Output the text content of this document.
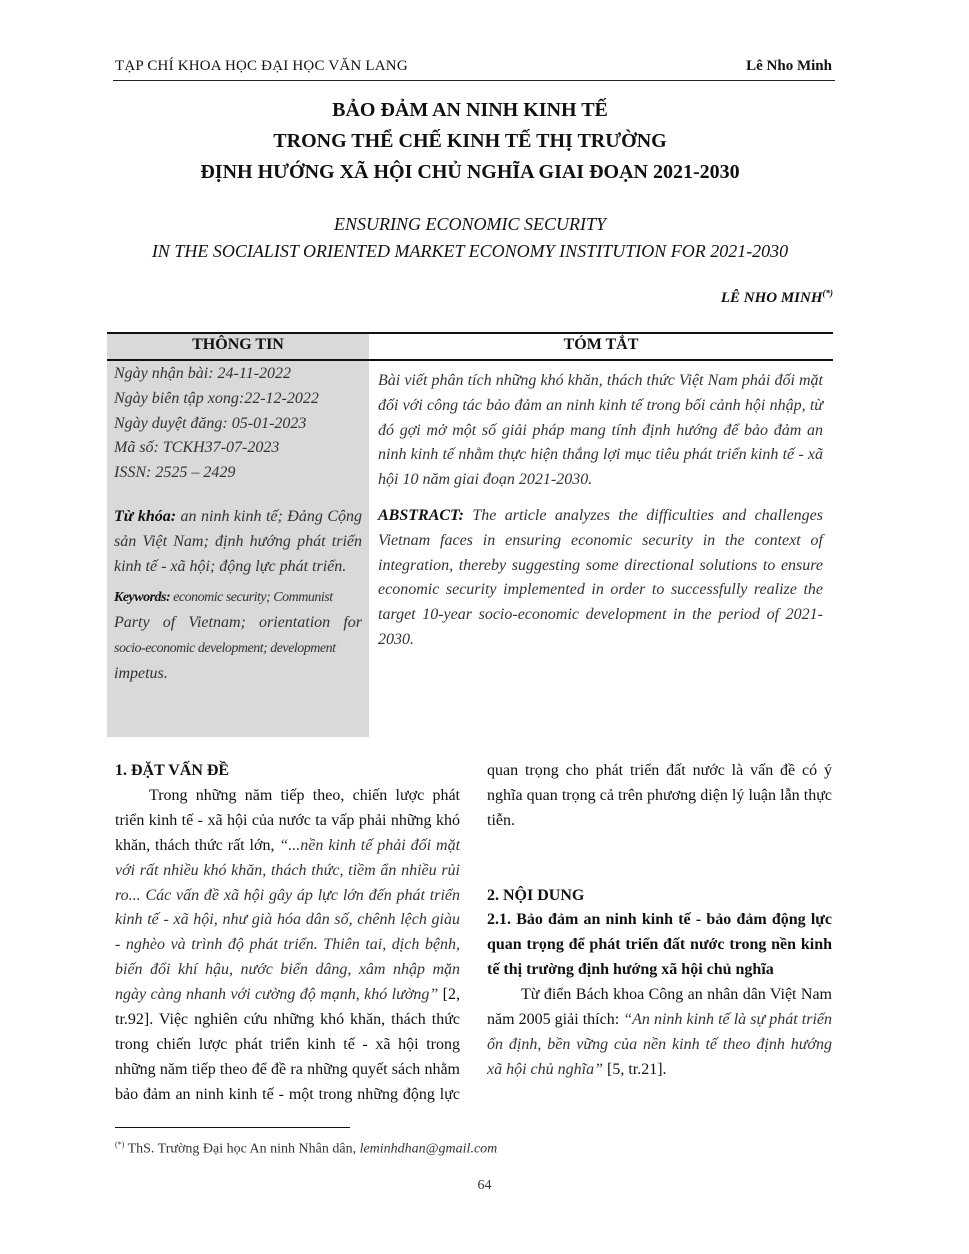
TẠP CHÍ KHOA HỌC ĐẠI HỌC VĂN LANG	Lê Nho Minh
BẢO ĐẢM AN NINH KINH TẾ
TRONG THỂ CHẾ KINH TẾ THỊ TRƯỜNG
ĐỊNH HƯỚNG XÃ HỘI CHỦ NGHĨA GIAI ĐOẠN 2021-2030
ENSURING ECONOMIC SECURITY
IN THE SOCIALIST ORIENTED MARKET ECONOMY INSTITUTION FOR 2021-2030
LÊ NHO MINH(*)
THÔNG TIN	TÓM TẮT

Ngày nhận bài: 24-11-2022

Ngày biên tập xong:22-12-2022

Ngày duyệt đăng: 05-01-2023

Mã số: TCKH37-07-2023

ISSN: 2525 – 2429

Từ khóa: an ninh kinh tế; Đảng Cộng sản Việt Nam; định hướng phát triển kinh tế - xã hội; động lực phát triển.

Keywords: economic security; Communist

Party of Vietnam; orientation for
socio-economic development; development
impetus.

Bài viết phân tích những khó khăn, thách thức Việt Nam phải đối mặt đối với công tác bảo đảm an ninh kinh tế trong bối cảnh hội nhập, từ đó gợi mở một số giải pháp mang tính định hướng để bảo đảm an ninh kinh tế nhằm thực hiện thắng lợi mục tiêu phát triển kinh tế - xã hội 10 năm giai đoạn 2021-2030.
ABSTRACT: The article analyzes the difficulties and challenges Vietnam faces in ensuring economic security in the context of integration, thereby suggesting some directional solutions to ensure economic security implemented in order to successfully realize the target 10-year socio-economic development in the period of 2021-2030.

1. ĐẶT VẤN ĐỀ

Trong những năm tiếp theo, chiến lược phát triển kinh tế - xã hội của nước ta vấp phải những khó khăn, thách thức rất lớn, “...nền kinh tế phải đối mặt với rất nhiều khó khăn, thách thức, tiềm ẩn nhiều rủi ro... Các vấn đề xã hội gây áp lực lớn đến phát triển kinh tế - xã hội, như già hóa dân số, chênh lệch giàu - nghèo và trình độ phát triển. Thiên tai, dịch bệnh, biến đổi khí hậu, nước biển dâng, xâm nhập mặn ngày càng nhanh với cường độ mạnh, khó lường” [2, tr.92]. Việc nghiên cứu những khó khăn, thách thức trong chiến lược phát triển kinh tế - xã hội trong những năm tiếp theo để đề ra những quyết sách nhằm bảo đảm an ninh kinh tế - một trong những động lực

quan trọng cho phát triển đất nước là vấn đề có ý nghĩa quan trọng cả trên phương diện lý luận lẫn thực tiễn.

2. NỘI DUNG

2.1. Bảo đảm an ninh kinh tế - bảo đảm động lực quan trọng để phát triển đất nước trong nền kinh tế thị trường định hướng xã hội chủ nghĩa

Từ điển Bách khoa Công an nhân dân Việt Nam năm 2005 giải thích: “An ninh kinh tế là sự phát triển ổn định, bền vững của nền kinh tế theo định hướng xã hội chủ nghĩa” [5, tr.21].

(*) ThS. Trường Đại học An ninh Nhân dân, leminhdhan@gmail.com
64
